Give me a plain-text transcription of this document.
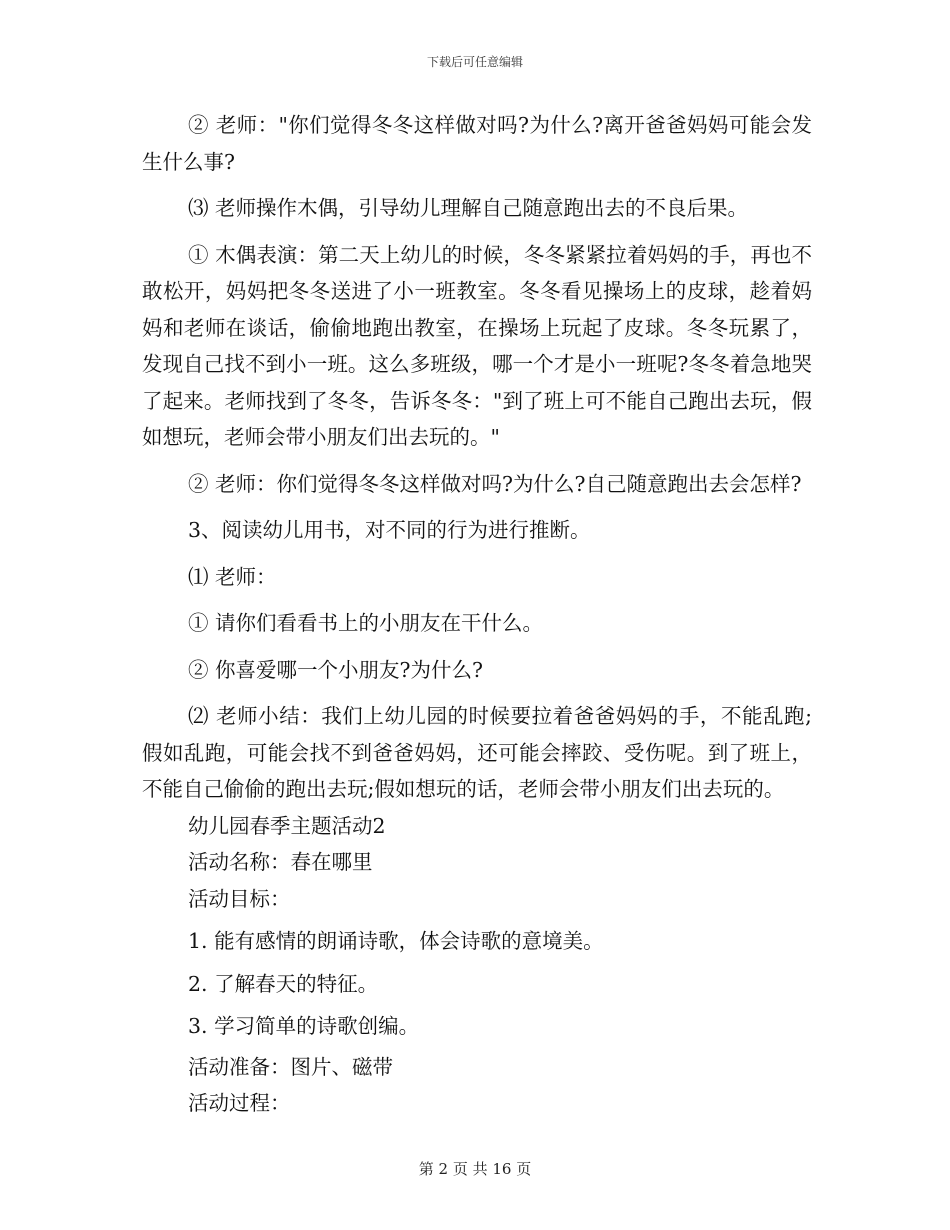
下载后可任意编辑

② 老师："你们觉得冬冬这样做对吗?为什么?离开爸爸妈妈可能会发生什么事?

⑶ 老师操作木偶，引导幼儿理解自己随意跑出去的不良后果。

① 木偶表演：第二天上幼儿的时候，冬冬紧紧拉着妈妈的手，再也不敢松开，妈妈把冬冬送进了小一班教室。冬冬看见操场上的皮球，趁着妈妈和老师在谈话，偷偷地跑出教室，在操场上玩起了皮球。冬冬玩累了，发现自己找不到小一班。这么多班级，哪一个才是小一班呢?冬冬着急地哭了起来。老师找到了冬冬，告诉冬冬："到了班上可不能自己跑出去玩，假如想玩，老师会带小朋友们出去玩的。"

② 老师：你们觉得冬冬这样做对吗?为什么?自己随意跑出去会怎样?

3、阅读幼儿用书，对不同的行为进行推断。

⑴ 老师：

① 请你们看看书上的小朋友在干什么。

② 你喜爱哪一个小朋友?为什么?

⑵ 老师小结：我们上幼儿园的时候要拉着爸爸妈妈的手，不能乱跑;假如乱跑，可能会找不到爸爸妈妈，还可能会摔跤、受伤呢。到了班上，不能自己偷偷的跑出去玩;假如想玩的话，老师会带小朋友们出去玩的。

幼儿园春季主题活动2

活动名称：春在哪里

活动目标：

1. 能有感情的朗诵诗歌，体会诗歌的意境美。

2. 了解春天的特征。

3. 学习简单的诗歌创编。

活动准备：图片、磁带

活动过程：

第 2 页 共 16 页
